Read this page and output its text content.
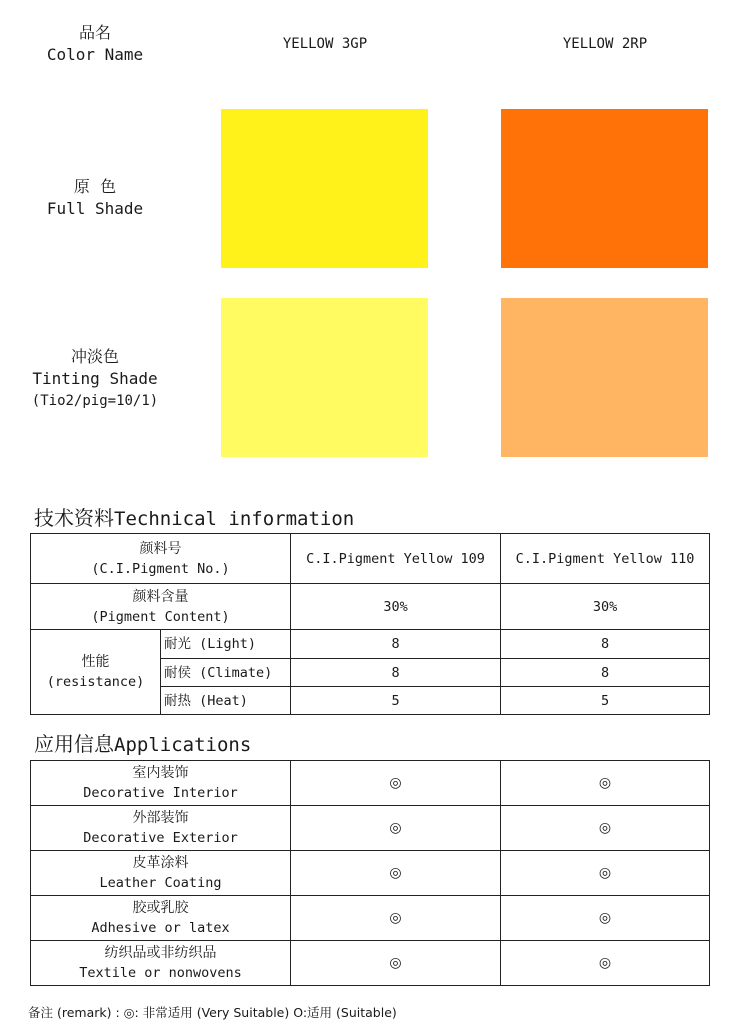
品名
Color Name
YELLOW 3GP	YELLOW 2RP
原  色
Full Shade
冲淡色
Tinting Shade
(Tio2/pig=10/1)
技术资料Technical information
颜料号
(C.I.Pigment No.)		C.I.Pigment Yellow 109	C.I.Pigment Yellow 110

颜料含量
(Pigment Content)		30%	30%

性能
(resistance)	耐光 (Light)	8	8
	耐侯 (Climate)	8	8
	耐热 (Heat)	5	5
应用信息Applications
室内装饰
Decorative Interior	◎	◎

外部装饰
Decorative Exterior	◎	◎

皮革涂料
Leather Coating	◎	◎

胶或乳胶
Adhesive or latex	◎	◎

纺织品或非纺织品
Textile or nonwovens	◎	◎
备注 (remark) : ◎: 非常适用 (Very Suitable) O:适用 (Suitable)
